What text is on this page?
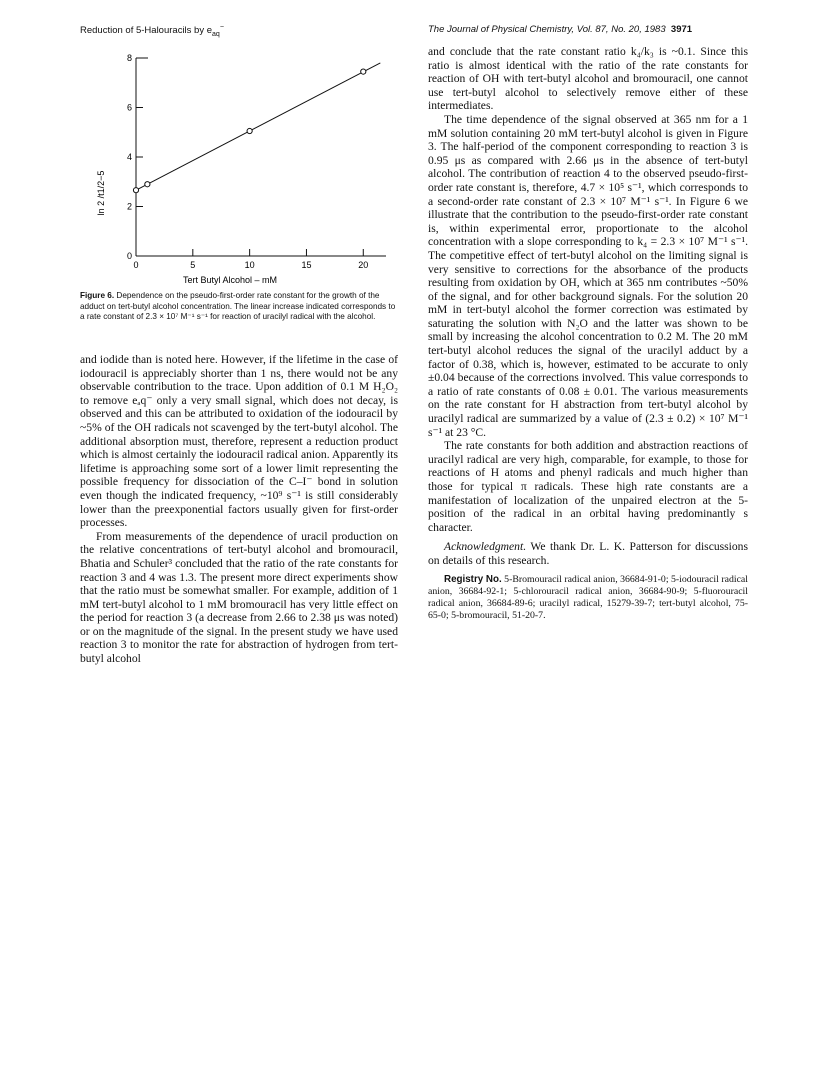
Reduction of 5-Halouracils by $e_{aq}^-$	The Journal of Physical Chemistry, Vol. 87, No. 20, 1983 3971
0
2
4
6
8
0	5	10	15	20
ln 2 /t1/2−5
Tert Butyl Alcohol – mM
Figure 6. Dependence on the pseudo-first-order rate constant for the growth of the adduct on tert-butyl alcohol concentration. The linear increase indicated corresponds to a rate constant of 2.3 × 10⁷ M⁻¹ s⁻¹ for reaction of uracilyl radical with the alcohol.

and iodide than is noted here. However, if the lifetime in the case of iodouracil is appreciably shorter than 1 ns, there would not be any observable contribution to the trace. Upon addition of 0.1 M H₂O₂ to remove eₐq⁻ only a very small signal, which does not decay, is observed and this can be attributed to oxidation of the iodouracil by ~5% of the OH radicals not scavenged by the tert-butyl alcohol. The additional absorption must, therefore, represent a reduction product which is almost certainly the iodouracil radical anion. Apparently its lifetime is approaching some sort of a lower limit representing the possible frequency for dissociation of the C–I⁻ bond in solution even though the indicated frequency, ~10⁹ s⁻¹ is still considerably lower than the preexponential factors usually given for first-order processes.

From measurements of the dependence of uracil production on the relative concentrations of tert-butyl alcohol and bromouracil, Bhatia and Schuler³ concluded that the ratio of the rate constants for reaction 3 and 4 was 1.3. The present more direct experiments show that the ratio must be somewhat smaller. For example, addition of 1 mM tert-butyl alcohol to 1 mM bromouracil has very little effect on the period for reaction 3 (a decrease from 2.66 to 2.38 μs was noted) or on the magnitude of the signal. In the present study we have used reaction 3 to monitor the rate for abstraction of hydrogen from tert-butyl alcohol

and conclude that the rate constant ratio k₄/k₃ is ~0.1. Since this ratio is almost identical with the ratio of the rate constants for reaction of OH with tert-butyl alcohol and bromouracil, one cannot use tert-butyl alcohol to selectively remove either of these intermediates.

The time dependence of the signal observed at 365 nm for a 1 mM solution containing 20 mM tert-butyl alcohol is given in Figure 3. The half-period of the component corresponding to reaction 3 is 0.95 μs as compared with 2.66 μs in the absence of tert-butyl alcohol. The contribution of reaction 4 to the observed pseudo-first-order rate constant is, therefore, 4.7 × 10⁵ s⁻¹, which corresponds to a second-order rate constant of 2.3 × 10⁷ M⁻¹ s⁻¹. In Figure 6 we illustrate that the contribution to the pseudo-first-order rate constant is, within experimental error, proportionate to the alcohol concentration with a slope corresponding to k₄ = 2.3 × 10⁷ M⁻¹ s⁻¹. The competitive effect of tert-butyl alcohol on the limiting signal is very sensitive to corrections for the absorbance of the products resulting from oxidation by OH, which at 365 nm contributes ~50% of the signal, and for other background signals. For the solution 20 mM in tert-butyl alcohol the former correction was estimated by saturating the solution with N₂O and the latter was shown to be small by increasing the alcohol concentration to 0.2 M. The 20 mM tert-butyl alcohol reduces the signal of the uracilyl adduct by a factor of 0.38, which is, however, estimated to be accurate to only ±0.04 because of the corrections involved. This value corresponds to a ratio of rate constants of 0.08 ± 0.01. The various measurements on the rate constant for H abstraction from tert-butyl alcohol by uracilyl radical are summarized by a value of (2.3 ± 0.2) × 10⁷ M⁻¹ s⁻¹ at 23 °C.

The rate constants for both addition and abstraction reactions of uracilyl radical are very high, comparable, for example, to those for reactions of H atoms and phenyl radicals and much higher than those for typical π radicals. These high rate constants are a manifestation of localization of the unpaired electron at the 5-position of the radical in an orbital having predominantly s character.

Acknowledgment. We thank Dr. L. K. Patterson for discussions on details of this research.

Registry No. 5-Bromouracil radical anion, 36684-91-0; 5-iodouracil radical anion, 36684-92-1; 5-chlorouracil radical anion, 36684-90-9; 5-fluorouracil radical anion, 36684-89-6; uracilyl radical, 15279-39-7; tert-butyl alcohol, 75-65-0; 5-bromouracil, 51-20-7.
